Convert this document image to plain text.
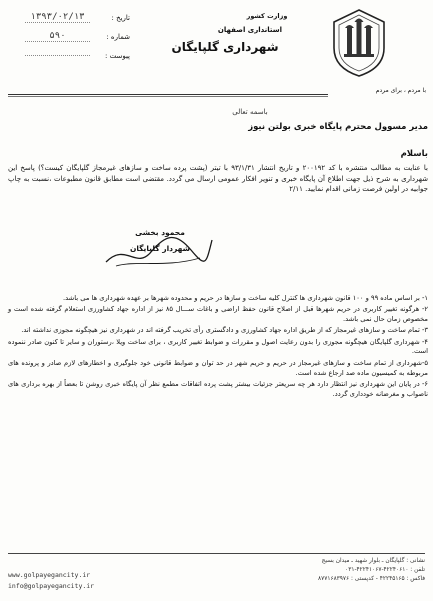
وزارت کشور
استانداری اصفهان
شهرداری گلپایگان
تاریخ :
۱۳۹۳/۰۲/۱۳
شماره :
۵۹۰
پیوست :
با مردم ، برای مردم
باسمه تعالی
مدیر مسوول محترم پایگاه خبری بولتن نیوز
باسلام
با عنایت به مطالب منتشره با کد ۲۰۰۱۹۲ و تاریخ انتشار ۹۳/۱/۳۱ با تیتر (پشت پرده ساخت و سازهای غیرمجاز گلپایگان کیست؟) پاسخ این شهرداری به شرح ذیل جهت اطلاع آن پایگاه خبری و تنویر افکار عمومی ارسال می گردد. مقتضی است مطابق قانون مطبوعات ،نسبت به چاپ جوابیه در اولین فرصت زمانی اقدام نمایید. ۲/۱۱
محمود بخشی
شهردار گلپایگان

۱- بر اساس ماده ۹۹ و ۱۰۰ قانون شهرداری ها کنترل کلیه ساخت و سازها در حریم و محدوده شهرها بر عهده شهرداری ها می باشد.

۲- هرگونه تغییر کاربری در حریم شهرها قبل از اصلاح قانون حفظ اراضی و باغات ســـال ۸۵ نیز از اداره جهاد کشاورزی استعلام گرفته شده است و مخصوص زمان حال نمی باشد.

۳- تمام ساخت و سازهای غیرمجاز که از طریق اداره جهاد کشاورزی و دادگستری رأی تخریب گرفته اند در شهرداری نیز هیچگونه مجوزی نداشته اند.

۴- شهرداری گلپایگان هیچگونه مجوزی را بدون رعایت اصول و مقررات و ضوابط تغییر کاربری ، برای ساخت ویلا ،رستوران و سایر تا کنون صادر ننموده است.

۵-شهرداری از تمام ساخت و سازهای غیرمجاز در حریم و حریم شهر در حد توان و ضوابط قانونی خود جلوگیری و اخطارهای لازم صادر و پرونده های مربوطه به کمیسیون ماده صد ارجاع شده است.

۶- در پایان این شهرداری نیز انتظار دارد هر چه سریعتر جزئیات بیشتر پشت پرده اتفاقات مطمع نظر آن پایگاه خبری روشن تا بعضاً از بهره برداری های ناصواب و مغرضانه خودداری گردد.

نشانی : گلپایگان ـ بلوار شهید ـ میدان بسیج
تلفن : ۴۲۲۴۰۶۱۰-۴۲۲۴۱۰۶۷-۰۳۱
فاکس : ۴۲۲۴۵۱۶۵ - کدپستی : ۸۷۷۱۶۸۳۹۷۶
www.golpayegancity.ir
info@golpayegancity.ir
